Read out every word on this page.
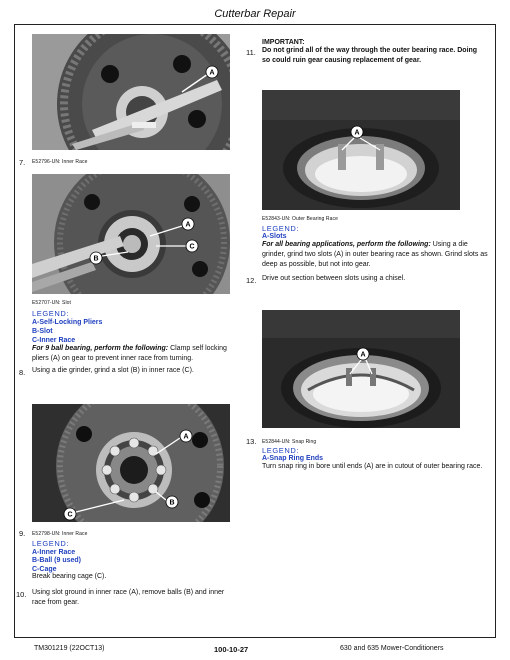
Cutterbar Repair
A
7. E52796-UN: Inner Race
A
C
B
E52707-UN: Slot
LEGEND:
A-Self-Locking Pliers
B-Slot
C-Inner Race
For 9 ball bearing, perform the following: Clamp self locking pliers (A) on gear to prevent inner race from turning.
8. Using a die grinder, grind a slot (B) in inner race (C).
A
B
C
9. E52798-UN: Inner Race
LEGEND:
A-Inner Race
B-Ball (9 used)
C-Cage
Break bearing cage (C).
10. Using slot ground in inner race (A), remove balls (B) and inner race from gear.
IMPORTANT:
11. Do not grind all of the way through the outer bearing race. Doing so could ruin gear causing replacement of gear.
A
E52843-UN: Outer Bearing Race
LEGEND:
A-Slots
For all bearing applications, perform the following: Using a die grinder, grind two slots (A) in outer bearing race as shown. Grind slots as deep as possible, but not into gear.
12. Drive out section between slots using a chisel.
A
13. E52844-UN: Snap Ring
LEGEND:
A-Snap Ring Ends
Turn snap ring in bore until ends (A) are in cutout of outer bearing race.
TM301219 (22OCT13)	100-10-27	630 and 635 Mower-Conditioners
